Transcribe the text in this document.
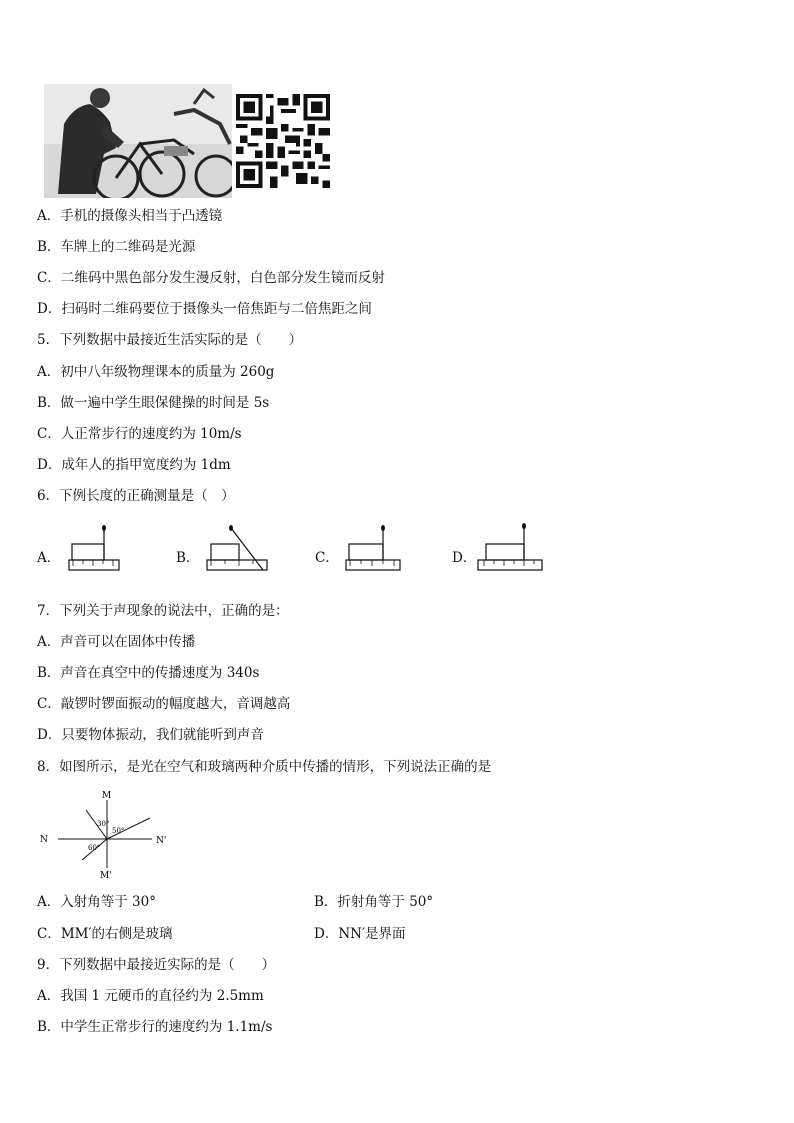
A．手机的摄像头相当于凸透镜
B．车牌上的二维码是光源
C．二维码中黑色部分发生漫反射，白色部分发生镜而反射
D．扫码时二维码要位于摄像头一倍焦距与二倍焦距之间
5．下列数据中最接近生活实际的是（　　）
A．初中八年级物理课本的质量为 260g
B．做一遍中学生眼保健操的时间是 5s
C．人正常步行的速度约为 10m/s
D．成年人的指甲宽度约为 1dm
6．下例长度的正确测量是（　）
A．	B．	C．	D．
7．下列关于声现象的说法中，正确的是：
A．声音可以在固体中传播
B．声音在真空中的传播速度为 340s
C．敲锣时锣面振动的幅度越大，音调越高
D．只要物体振动，我们就能听到声音
8．如图所示，是光在空气和玻璃两种介质中传播的情形，下列说法正确的是
M
M'
N	N'
30°
50°
60°
A．入射角等于 30°	B．折射角等于 50°
C．MM′的右侧是玻璃	D．NN′是界面
9．下列数据中最接近实际的是（　　）
A．我国 1 元硬币的直径约为 2.5mm
B．中学生正常步行的速度约为 1.1m/s
